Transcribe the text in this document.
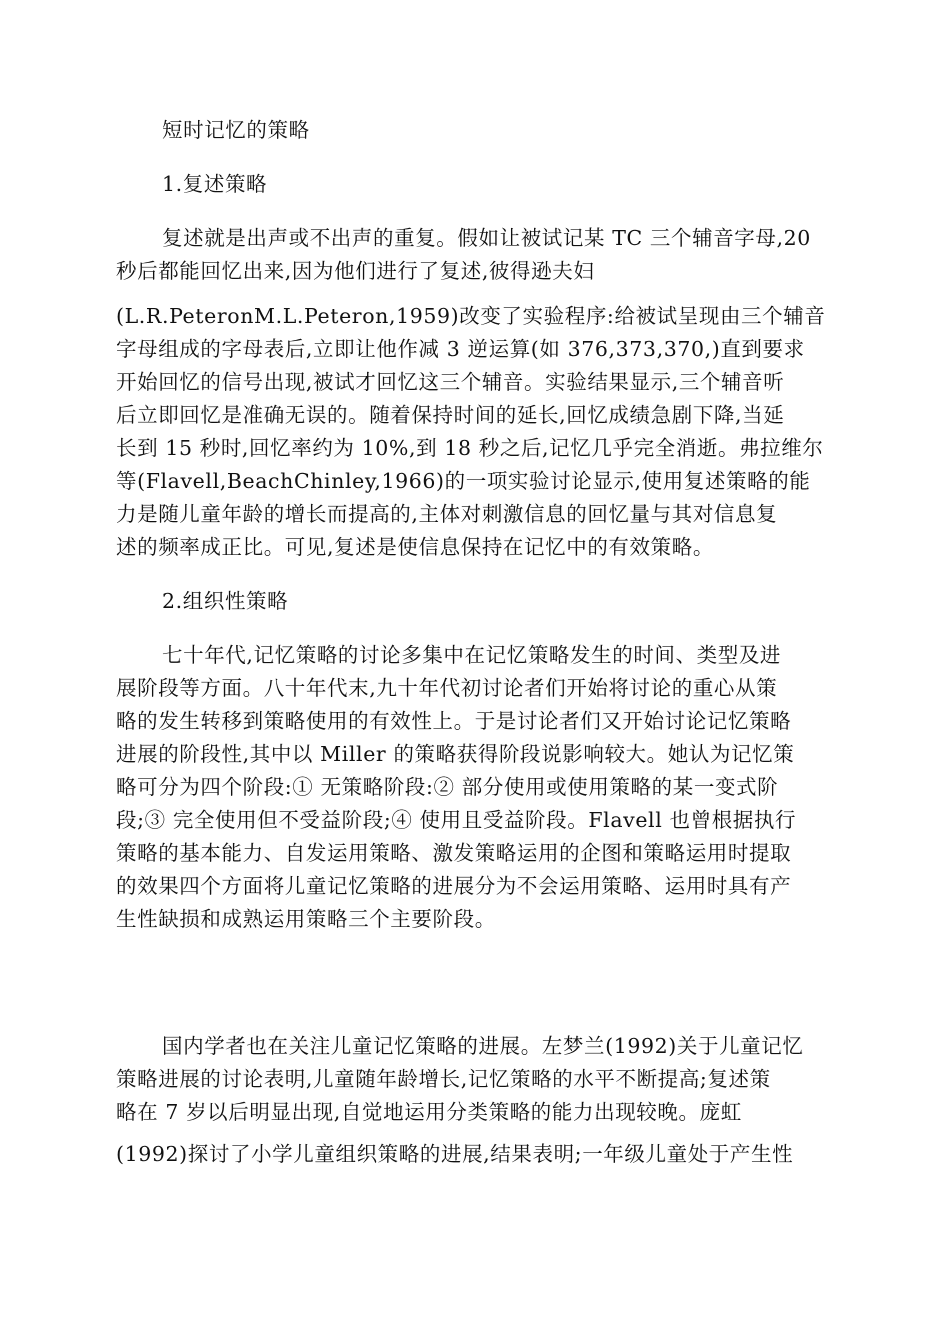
短时记忆的策略
1.复述策略
复述就是出声或不出声的重复。假如让被试记某 TC 三个辅音字母,20
秒后都能回忆出来,因为他们进行了复述,彼得逊夫妇
(L.R.PeteronM.L.Peteron,1959)改变了实验程序:给被试呈现由三个辅音
字母组成的字母表后,立即让他作减 3 逆运算(如 376,373,370,)直到要求
开始回忆的信号出现,被试才回忆这三个辅音。实验结果显示,三个辅音听
后立即回忆是准确无误的。随着保持时间的延长,回忆成绩急剧下降,当延
长到 15 秒时,回忆率约为 10%,到 18 秒之后,记忆几乎完全消逝。弗拉维尔
等(Flavell,BeachChinley,1966)的一项实验讨论显示,使用复述策略的能
力是随儿童年龄的增长而提高的,主体对刺激信息的回忆量与其对信息复
述的频率成正比。可见,复述是使信息保持在记忆中的有效策略。
2.组织性策略
七十年代,记忆策略的讨论多集中在记忆策略发生的时间、类型及进
展阶段等方面。八十年代末,九十年代初讨论者们开始将讨论的重心从策
略的发生转移到策略使用的有效性上。于是讨论者们又开始讨论记忆策略
进展的阶段性,其中以 Miller 的策略获得阶段说影响较大。她认为记忆策
略可分为四个阶段:① 无策略阶段:② 部分使用或使用策略的某一变式阶
段;③ 完全使用但不受益阶段;④ 使用且受益阶段。Flavell 也曾根据执行
策略的基本能力、自发运用策略、激发策略运用的企图和策略运用时提取
的效果四个方面将儿童记忆策略的进展分为不会运用策略、运用时具有产
生性缺损和成熟运用策略三个主要阶段。
国内学者也在关注儿童记忆策略的进展。左梦兰(1992)关于儿童记忆
策略进展的讨论表明,儿童随年龄增长,记忆策略的水平不断提高;复述策
略在 7 岁以后明显出现,自觉地运用分类策略的能力出现较晚。庞虹
(1992)探讨了小学儿童组织策略的进展,结果表明;一年级儿童处于产生性
